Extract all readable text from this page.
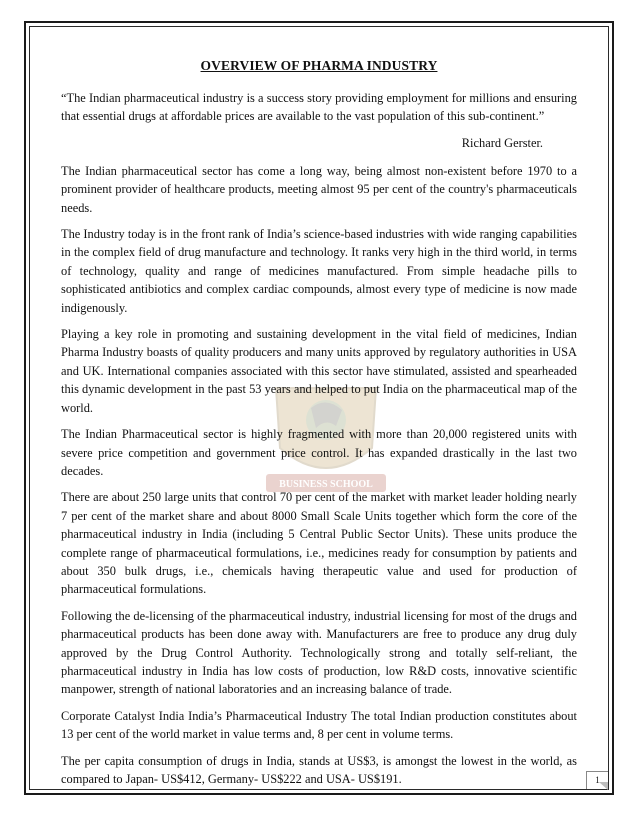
BUSINESS SCHOOL
OVERVIEW OF PHARMA INDUSTRY

“The Indian pharmaceutical industry is a success story providing employment for millions and ensuring that essential drugs at affordable prices are available to the vast population of this sub-continent.”

Richard Gerster.

The Indian pharmaceutical sector has come a long way, being almost non-existent before 1970 to a prominent provider of healthcare products, meeting almost 95 per cent of the country's pharmaceuticals needs.

The Industry today is in the front rank of India’s science-based industries with wide ranging capabilities in the complex field of drug manufacture and technology. It ranks very high in the third world, in terms of technology, quality and range of medicines manufactured. From simple headache pills to sophisticated antibiotics and complex cardiac compounds, almost every type of medicine is now made indigenously.

Playing a key role in promoting and sustaining development in the vital field of medicines, Indian Pharma Industry boasts of quality producers and many units approved by regulatory authorities in USA and UK. International companies associated with this sector have stimulated, assisted and spearheaded this dynamic development in the past 53 years and helped to put India on the pharmaceutical map of the world.

The Indian Pharmaceutical sector is highly fragmented with more than 20,000 registered units with severe price competition and government price control. It has expanded drastically in the last two decades.

There are about 250 large units that control 70 per cent of the market with market leader holding nearly 7 per cent of the market share and about 8000 Small Scale Units together which form the core of the pharmaceutical industry in India (including 5 Central Public Sector Units). These units produce the complete range of pharmaceutical formulations, i.e., medicines ready for consumption by patients and about 350 bulk drugs, i.e., chemicals having therapeutic value and used for production of pharmaceutical formulations.

Following the de-licensing of the pharmaceutical industry, industrial licensing for most of the drugs and pharmaceutical products has been done away with. Manufacturers are free to produce any drug duly approved by the Drug Control Authority. Technologically strong and totally self-reliant, the pharmaceutical industry in India has low costs of production, low R&D costs, innovative scientific manpower, strength of national laboratories and an increasing balance of trade.

Corporate Catalyst India India’s Pharmaceutical Industry The total Indian production constitutes about 13 per cent of the world market in value terms and, 8 per cent in volume terms.

The per capita consumption of drugs in India, stands at US$3, is amongst the lowest in the world, as compared to Japan- US$412, Germany- US$222 and USA- US$191.	1
